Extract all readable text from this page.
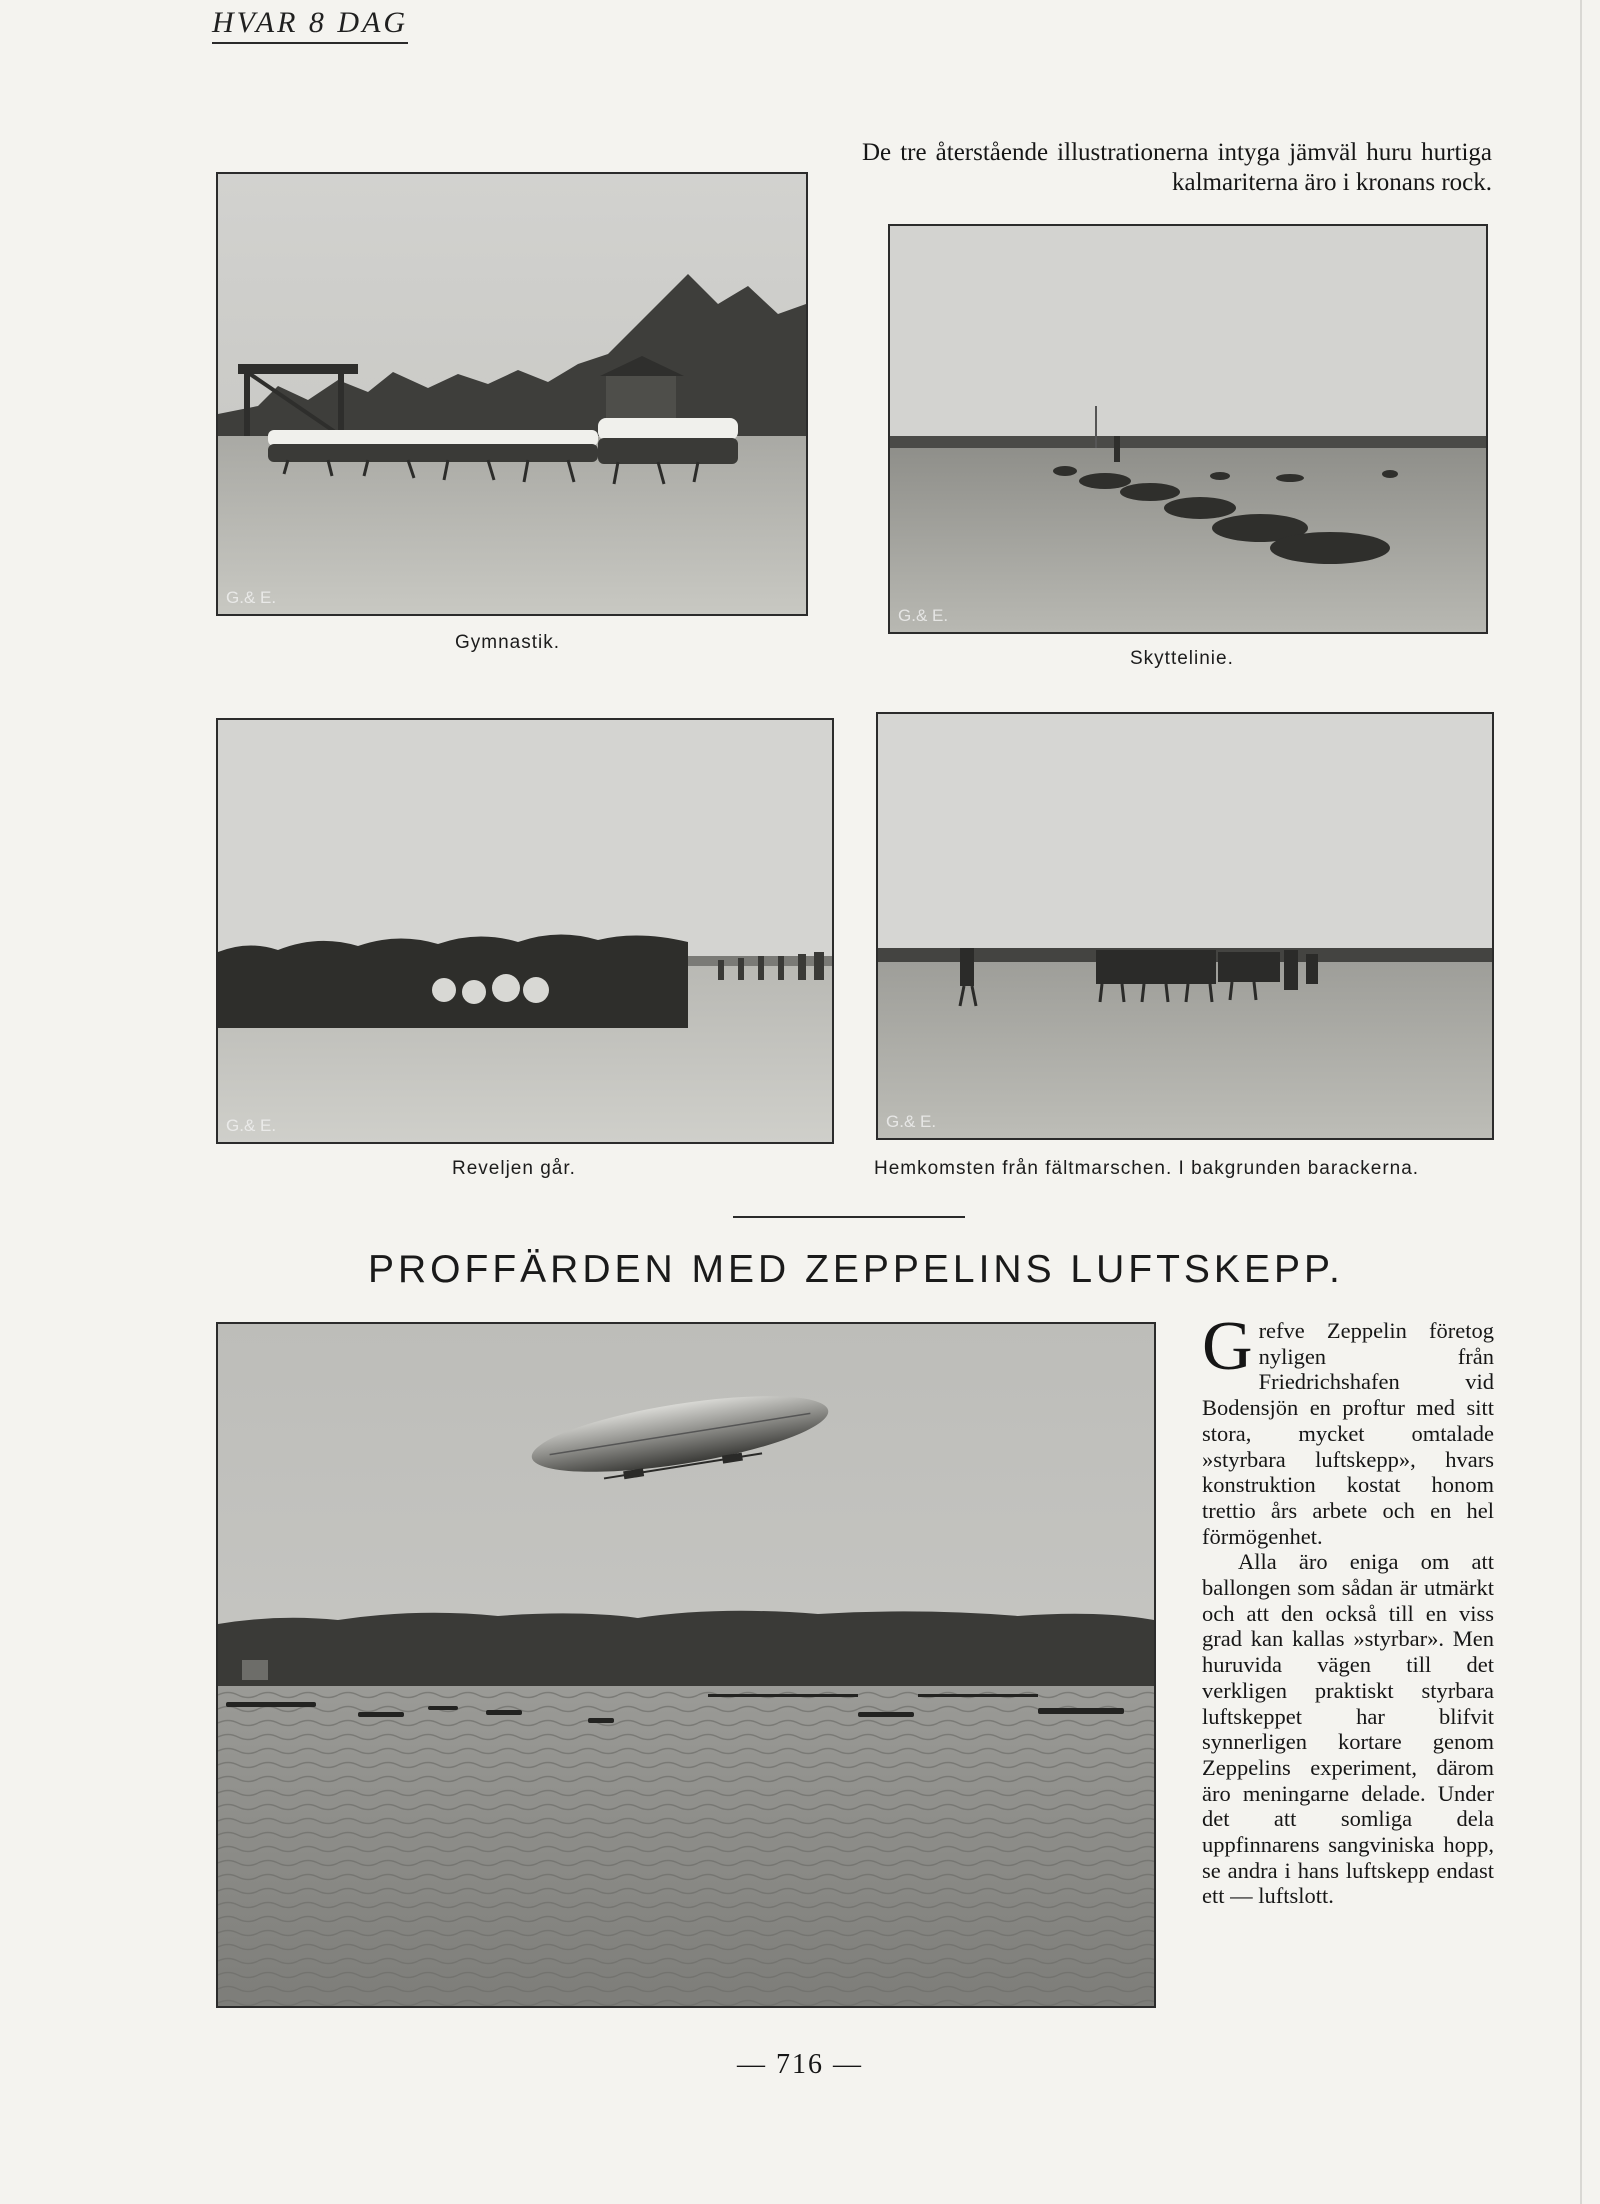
HVAR 8 DAG

De tre återstående illustrationerna intyga jämväl huru hurtiga kalmariterna äro i kronans rock.

G.& E.
Gymnastik.
G.& E.
Skyttelinie.
G.& E.
Reveljen går.
G.& E.
Hemkomsten från fältmarschen. I bakgrunden barackerna.
PROFFÄRDEN MED ZEPPELINS LUFTSKEPP.

Grefve Zeppelin företog nyligen från Friedrichshafen vid Bodensjön en proftur med sitt stora, mycket omtalade »styrbara luftskepp», hvars konstruktion kostat honom trettio års arbete och en hel förmögenhet.

Alla äro eniga om att ballongen som sådan är utmärkt och att den också till en viss grad kan kallas »styrbar». Men huruvida vägen till det verkligen praktiskt styrbara luftskeppet har blifvit synnerligen kortare genom Zeppelins experiment, därom äro meningarne delade. Under det att somliga dela uppfinnarens sangviniska hopp, se andra i hans luftskepp endast ett — luftslott.

— 716 —
